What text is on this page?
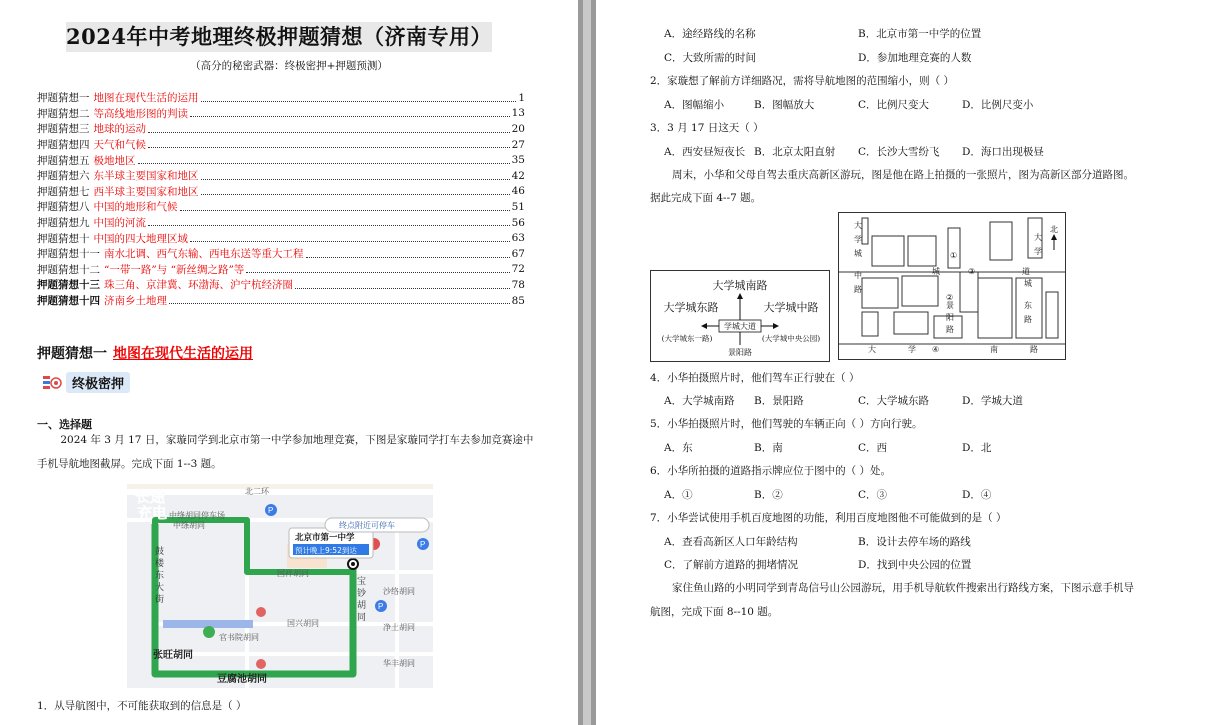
2024年中考地理终极押题猜想（济南专用）
（高分的秘密武器：终极密押+押题预测）
押题猜想一 地图在现代生活的运用	1
押题猜想二 等高线地形图的判读	13
押题猜想三 地球的运动	20
押题猜想四 天气和气候	27
押题猜想五 极地地区	35
押题猜想六 东半球主要国家和地区	42
押题猜想七 西半球主要国家和地区	46
押题猜想八 中国的地形和气候	51
押题猜想九 中国的河流	56
押题猜想十 中国的四大地理区域	63
押题猜想十一 南水北调、西气东输、西电东送等重大工程	67
押题猜想十二 “一带一路”与 “新丝绸之路”等	72
押题猜想十三 珠三角、京津冀、环渤海、沪宁杭经济圈	78
押题猜想十四 济南乡土地理	85
押题猜想一 地图在现代生活的运用
终极密押
一、选择题
2024 年 3 月 17 日，家璇同学到北京市第一中学参加地理竞赛，下图是家璇同学打车去参加竞赛途中
手机导航地图截屏。完成下面 1--3 题。
P
P
P
北二环
中绦胡同停车场
中绦胡同
国祥胡同
国兴胡同
官书院胡同
沙络胡同
净土胡同
华丰胡同
张旺胡同
豆腐池胡同
宝
钞
胡
同
鼓
楼
东
大
街
北京市第一中学
预计晚上9:52到达
终点附近可停车
长途
充电
1．从导航图中，不可能获取到的信息是（ ）
A．途经路线的名称	B．北京市第一中学的位置
C．大致所需的时间	D．参加地理竞赛的人数
2．家璇想了解前方详细路况，需将导航地图的范围缩小，则（ ）
A．图幅缩小	B．图幅放大	C．比例尺变大	D．比例尺变小
3．3 月 17 日这天（ ）
A．西安昼短夜长 B．北京太阳直射 C．长沙大雪纷飞 D．海口出现极昼
周末，小华和父母自驾去重庆高新区游玩，图是他在路上拍摄的一张照片，图为高新区部分道路图。
据此完成下面 4--7 题。
大学城南路
大学城东路	大学城中路
学城大道
(大学城东一路)	(大学城中央公园)
景阳路
大
学
城
中
路
城	道
大
学
城
东
路
大	学	南	路
景
阳
路
北
①
②
③
④
4．小华拍摄照片时，他们驾车正行驶在（ ）
A．大学城南路 B．景阳路	C．大学城东路	D．学城大道
5．小华拍摄照片时，他们驾驶的车辆正向（ ）方向行驶。
A．东	B．南	C．西	D．北
6．小华所拍摄的道路指示牌应位于图中的（ ）处。
A．①	B．②	C．③	D．④
7．小华尝试使用手机百度地图的功能，利用百度地图他不可能做到的是（ ）
A．查看高新区人口年龄结构	B．设计去停车场的路线
C．了解前方道路的拥堵情况	D．找到中央公园的位置
家住鱼山路的小明同学到青岛信号山公园游玩，用手机导航软件搜索出行路线方案，下图示意手机导
航图，完成下面 8--10 题。
